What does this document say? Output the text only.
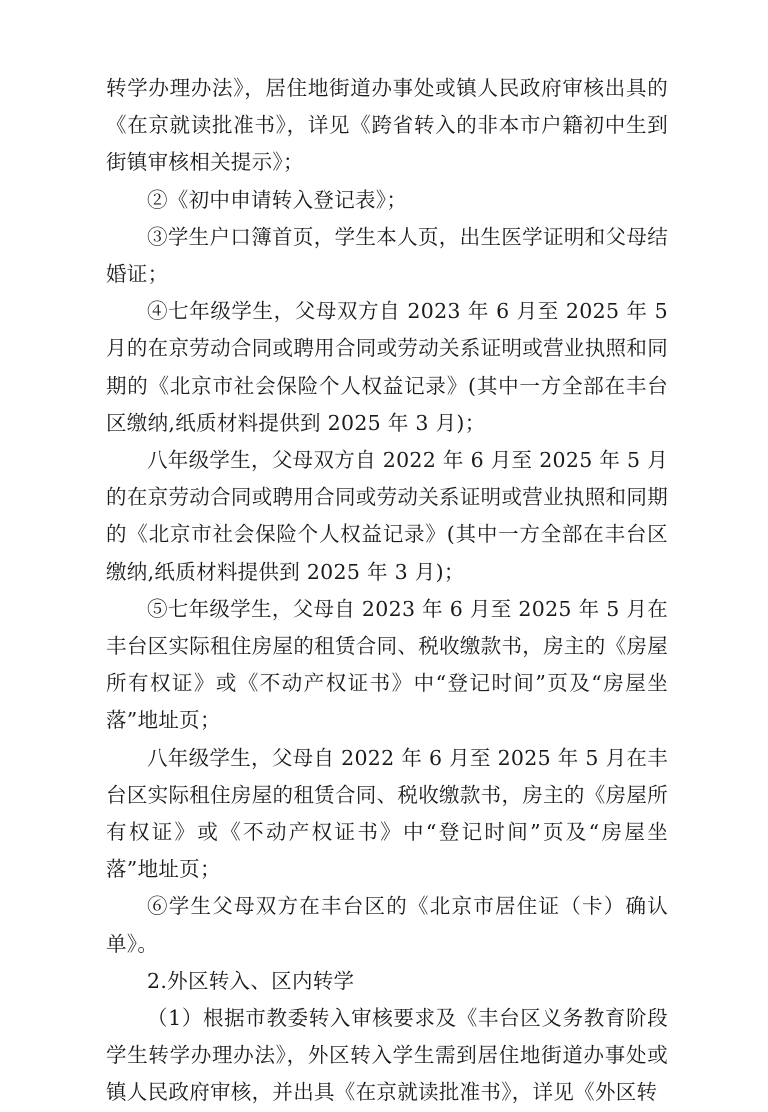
转学办理办法》，居住地街道办事处或镇人民政府审核出具的《在京就读批准书》，详见《跨省转入的非本市户籍初中生到街镇审核相关提示》；

②《初中申请转入登记表》；

③学生户口簿首页，学生本人页，出生医学证明和父母结婚证；

④七年级学生，父母双方自 2023 年 6 月至 2025 年 5 月的在京劳动合同或聘用合同或劳动关系证明或营业执照和同期的《北京市社会保险个人权益记录》(其中一方全部在丰台区缴纳,纸质材料提供到 2025 年 3 月)；

八年级学生，父母双方自 2022 年 6 月至 2025 年 5 月的在京劳动合同或聘用合同或劳动关系证明或营业执照和同期的《北京市社会保险个人权益记录》(其中一方全部在丰台区缴纳,纸质材料提供到 2025 年 3 月)；

⑤七年级学生，父母自 2023 年 6 月至 2025 年 5 月在丰台区实际租住房屋的租赁合同、税收缴款书，房主的《房屋所有权证》或《不动产权证书》中“登记时间”页及“房屋坐落”地址页；

八年级学生，父母自 2022 年 6 月至 2025 年 5 月在丰台区实际租住房屋的租赁合同、税收缴款书，房主的《房屋所有权证》或《不动产权证书》中“登记时间”页及“房屋坐落”地址页；

⑥学生父母双方在丰台区的《北京市居住证（卡）确认单》。

2.外区转入、区内转学

（1）根据市教委转入审核要求及《丰台区义务教育阶段学生转学办理办法》，外区转入学生需到居住地街道办事处或镇人民政府审核，并出具《在京就读批准书》，详见《外区转
